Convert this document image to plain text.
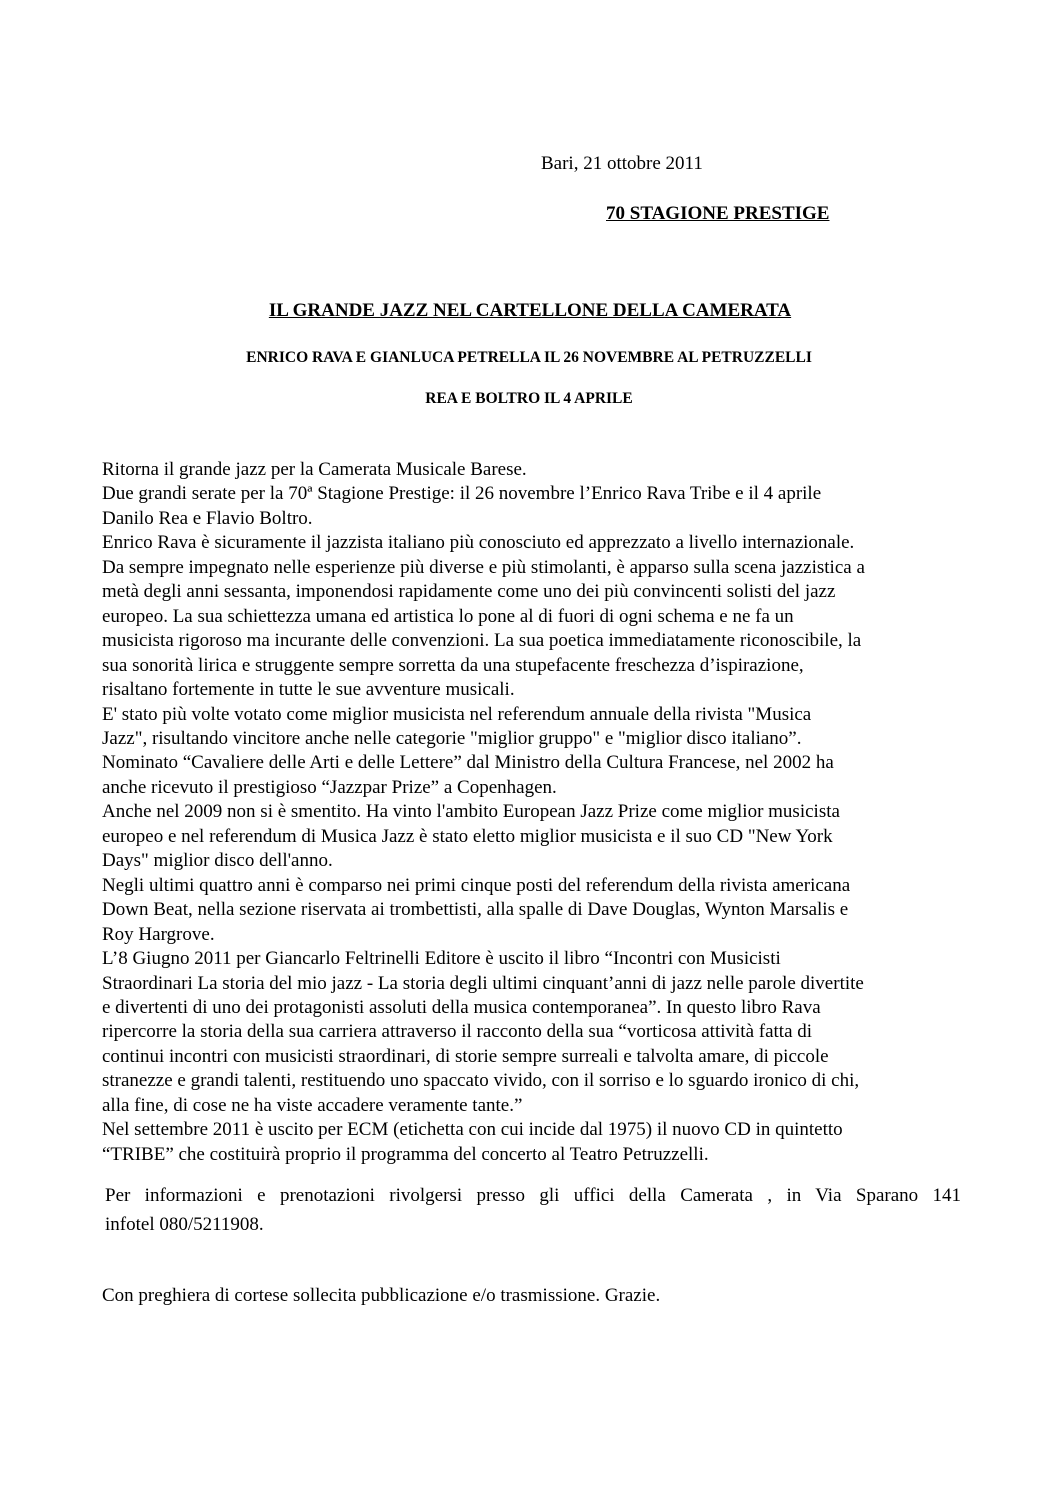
Bari, 21 ottobre 2011
70 STAGIONE PRESTIGE
IL GRANDE JAZZ NEL CARTELLONE DELLA CAMERATA
ENRICO RAVA E GIANLUCA PETRELLA IL 26 NOVEMBRE AL PETRUZZELLI
REA E BOLTRO IL 4 APRILE
Ritorna il grande jazz per la Camerata Musicale Barese.
Due grandi serate per la 70ª Stagione Prestige: il 26 novembre l’Enrico Rava Tribe e il 4 aprile
Danilo Rea e Flavio Boltro.
Enrico Rava è sicuramente il jazzista italiano più conosciuto ed apprezzato a livello internazionale.
Da sempre impegnato nelle esperienze più diverse e più stimolanti, è apparso sulla scena jazzistica a
metà degli anni sessanta, imponendosi rapidamente come uno dei più convincenti solisti del jazz
europeo. La sua schiettezza umana ed artistica lo pone al di fuori di ogni schema e ne fa un
musicista rigoroso ma incurante delle convenzioni. La sua poetica immediatamente riconoscibile, la
sua sonorità lirica e struggente sempre sorretta da una stupefacente freschezza d’ispirazione,
risaltano fortemente in tutte le sue avventure musicali.
E' stato più volte votato come miglior musicista nel referendum annuale della rivista "Musica
Jazz", risultando vincitore anche nelle categorie "miglior gruppo" e "miglior disco italiano”.
Nominato “Cavaliere delle Arti e delle Lettere” dal Ministro della Cultura Francese, nel 2002 ha
anche ricevuto il prestigioso “Jazzpar Prize” a Copenhagen.
Anche nel 2009 non si è smentito. Ha vinto l'ambito European Jazz Prize come miglior musicista
europeo e nel referendum di Musica Jazz è stato eletto miglior musicista e il suo CD "New York
Days" miglior disco dell'anno.
Negli ultimi quattro anni è comparso nei primi cinque posti del referendum della rivista americana
Down Beat, nella sezione riservata ai trombettisti, alla spalle di Dave Douglas, Wynton Marsalis e
Roy Hargrove.
L’8 Giugno 2011 per Giancarlo Feltrinelli Editore è uscito il libro “Incontri con Musicisti
Straordinari La storia del mio jazz - La storia degli ultimi cinquant’anni di jazz nelle parole divertite
e divertenti di uno dei protagonisti assoluti della musica contemporanea”. In questo libro Rava
ripercorre la storia della sua carriera attraverso il racconto della sua “vorticosa attività fatta di
continui incontri con musicisti straordinari, di storie sempre surreali e talvolta amare, di piccole
stranezze e grandi talenti, restituendo uno spaccato vivido, con il sorriso e lo sguardo ironico di chi,
alla fine, di cose ne ha viste accadere veramente tante.”
Nel settembre 2011 è uscito per ECM (etichetta con cui incide dal 1975) il nuovo CD in quintetto
“TRIBE” che costituirà proprio il programma del concerto al Teatro Petruzzelli.
Per informazioni e prenotazioni rivolgersi presso gli uffici della Camerata , in Via Sparano 141
infotel 080/5211908.
Con preghiera di cortese sollecita pubblicazione e/o trasmissione. Grazie.
